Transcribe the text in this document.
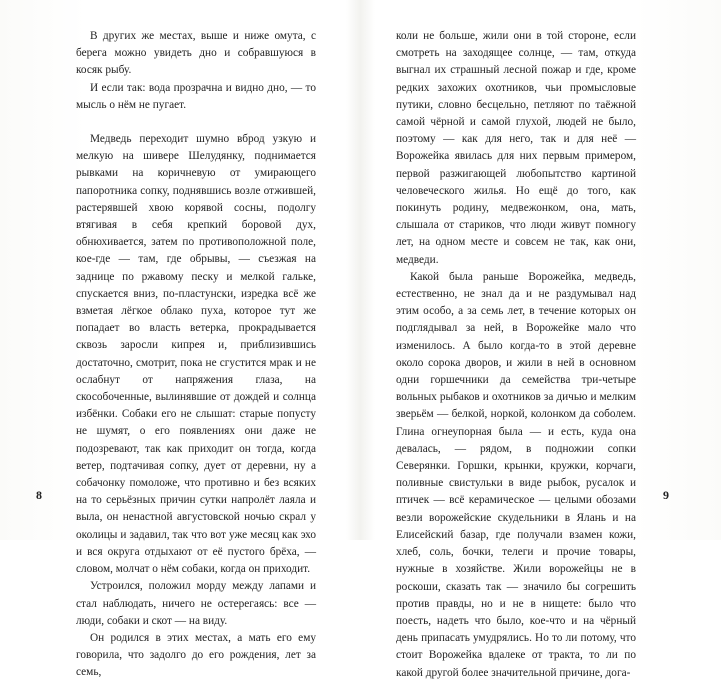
В других же местах, выше и ниже омута, с берега можно увидеть дно и собравшуюся в косяк рыбу.

И если так: вода прозрачна и видно дно, — то мысль о нём не пугает.

Медведь переходит шумно вброд узкую и мелкую на шивере Шелудянку, поднимается рывками на коричневую от умирающего папоротника сопку, поднявшись возле отжившей, растерявшей хвою корявой сосны, подолгу втягивая в себя крепкий боровой дух, обнюхивается, затем по противоположной поле, кое-где — там, где обрывы, — съезжая на заднице по ржавому песку и мелкой гальке, спускается вниз, по-пластунски, изредка всё же взметая лёгкое облако пуха, которое тут же попадает во власть ветерка, прокрадывается сквозь заросли кипрея и, приблизившись достаточно, смотрит, пока не сгустится мрак и не ослабнут от напряжения глаза, на скособоченные, вылинявшие от дождей и солнца избёнки. Собаки его не слышат: старые попусту не шумят, о его появлениях они даже не подозревают, так как приходит он тогда, когда ветер, подтачивая сопку, дует от деревни, ну а собачонку помоложе, что противно и без всяких на то серьёзных причин сутки напролёт лаяла и выла, он ненастной августовской ночью скрал у околицы и задавил, так что вот уже месяц как эхо и вся округа отдыхают от её пустого брёха, — словом, молчат о нём собаки, когда он приходит.

Устроился, положил морду между лапами и стал наблюдать, ничего не остерегаясь: все — люди, собаки и скот — на виду.

Он родился в этих местах, а мать его ему говорила, что задолго до его рождения, лет за семь,

8

коли не больше, жили они в той стороне, если смотреть на заходящее солнце, — там, откуда выгнал их страшный лесной пожар и где, кроме редких захожих охотников, чьи промысловые путики, словно бесцельно, петляют по таёжной самой чёрной и самой глухой, людей не было, поэтому — как для него, так и для неё — Ворожейка явилась для них первым примером, первой разжигающей любопытство картиной человеческого жилья. Но ещё до того, как покинуть родину, медвежонком, она, мать, слышала от стариков, что люди живут помногу лет, на одном месте и совсем не так, как они, медведи.

Какой была раньше Ворожейка, медведь, естественно, не знал да и не раздумывал над этим особо, а за семь лет, в течение которых он подглядывал за ней, в Ворожейке мало что изменилось. А было когда-то в этой деревне около сорока дворов, и жили в ней в основном одни горшечники да семейства три-четыре вольных рыбаков и охотников за дичью и мелким зверьём — белкой, норкой, колонком да соболем. Глина огнеупорная была — и есть, куда она девалась, — рядом, в подножии сопки Северянки. Горшки, крынки, кружки, корчаги, поливные свистульки в виде рыбок, русалок и птичек — всё керамическое — целыми обозами везли ворожейские скудельники в Ялань и на Елисейский базар, где получали взамен кожи, хлеб, соль, бочки, телеги и прочие товары, нужные в хозяйстве. Жили ворожейцы не в роскоши, сказать так — значило бы согрешить против правды, но и не в нищете: было что поесть, надеть что было, кое-что и на чёрный день припасать умудрялись. Но то ли потому, что стоит Ворожейка вдалеке от тракта, то ли по какой другой более значительной причине, дога-

9
